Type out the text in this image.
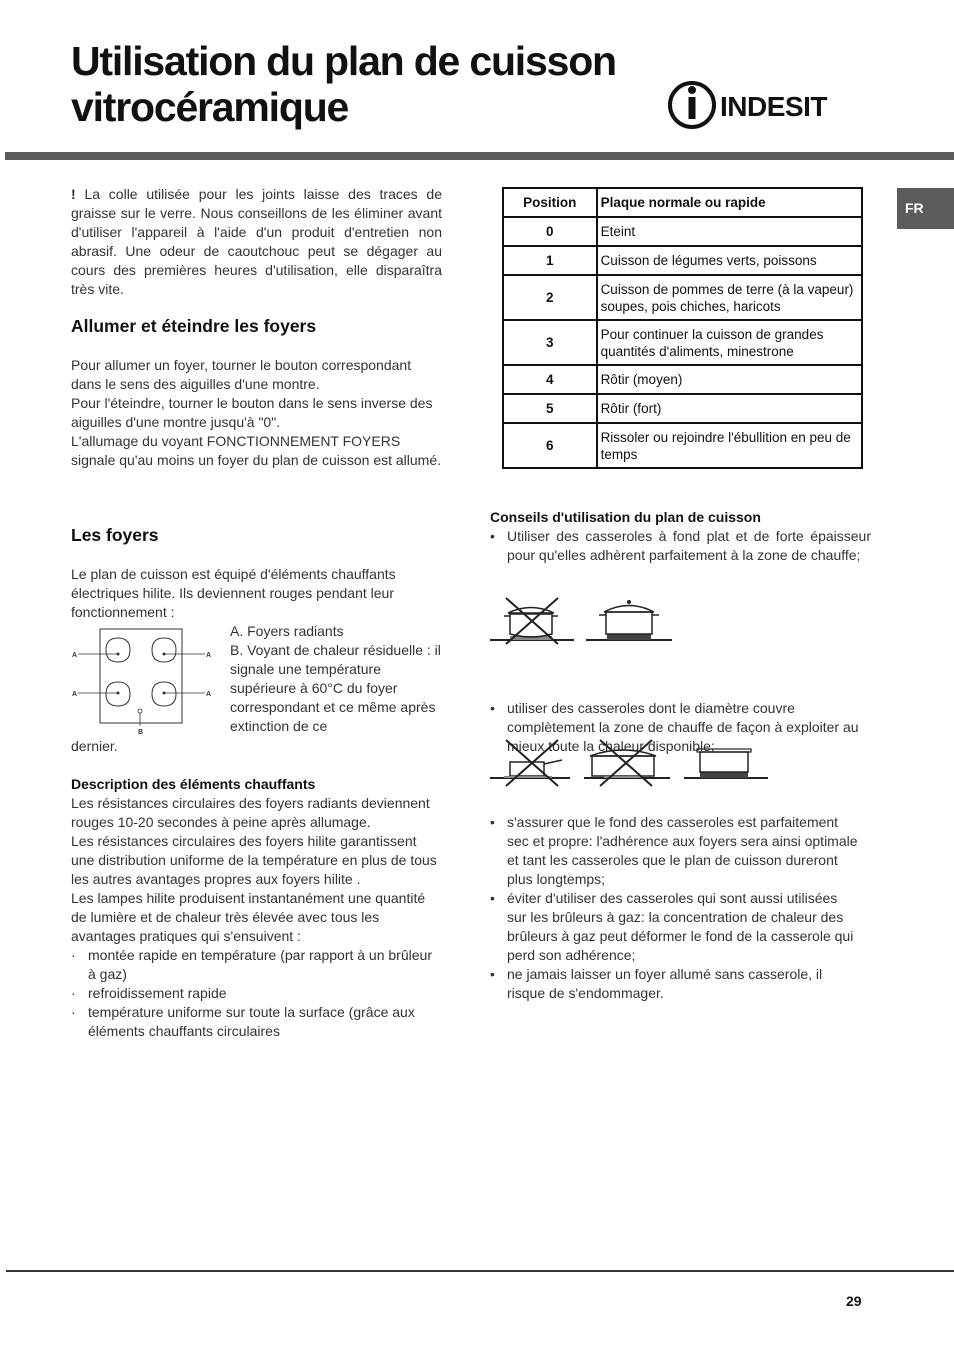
Utilisation du plan de cuisson
vitrocéramique	INDESIT
FR

! La colle utilisée pour les joints laisse des traces de graisse sur le verre. Nous conseillons de les éliminer avant d'utiliser l'appareil à l'aide d'un produit d'entretien non abrasif. Une odeur de caoutchouc peut se dégager au cours des premières heures d'utilisation, elle disparaîtra très vite.

Allumer et éteindre les foyers

Pour allumer un foyer, tourner le bouton correspondant dans le sens des aiguilles d'une montre.

Pour l'éteindre, tourner le bouton dans le sens inverse des aiguilles d'une montre jusqu'à "0".

L'allumage du voyant FONCTIONNEMENT FOYERS signale qu'au moins un foyer du plan de cuisson est allumé.

Les foyers

Le plan de cuisson est équipé d'éléments chauffants électriques hilite. Ils deviennent rouges pendant leur fonctionnement :

A	A
A	A
B

A. Foyers radiants

B. Voyant de chaleur résiduelle : il signale une température supérieure à 60°C du foyer correspondant et ce même après extinction de ce

dernier.

Description des éléments chauffants

Les résistances circulaires des foyers radiants deviennent rouges 10-20 secondes à peine après allumage.

Les résistances circulaires des foyers hilite garantissent une distribution uniforme de la température en plus de tous les autres avantages propres aux foyers hilite .

Les lampes hilite produisent instantanément une quantité de lumière et de chaleur très élevée avec tous les avantages pratiques qui s'ensuivent :

· montée rapide en température (par rapport à un brûleur à gaz)

· refroidissement rapide

· température uniforme sur toute la surface (grâce aux éléments chauffants circulaires

Position	Plaque normale ou rapide
0	Eteint
1	Cuisson de légumes verts, poissons
2	Cuisson de pommes de terre (à la vapeur) soupes, pois chiches, haricots
3	Pour continuer la cuisson de grandes quantités d'aliments, minestrone
4	Rôtir (moyen)
5	Rôtir (fort)
6	Rissoler ou rejoindre l'ébullition en peu de temps
Conseils d'utilisation du plan de cuisson

• Utiliser des casseroles à fond plat et de forte épaisseur pour qu'elles adhèrent parfaitement à la zone de chauffe;

• utiliser des casseroles dont le diamètre couvre complètement la zone de chauffe de façon à exploiter au mieux toute la chaleur disponible;

• s'assurer que le fond des casseroles est parfaitement sec et propre: l'adhérence aux foyers sera ainsi optimale et tant les casseroles que le plan de cuisson dureront plus longtemps;

• éviter d'utiliser des casseroles qui sont aussi utilisées sur les brûleurs à gaz: la concentration de chaleur des brûleurs à gaz peut déformer le fond de la casserole qui perd son adhérence;

• ne jamais laisser un foyer allumé sans casserole, il risque de s'endommager.

29
